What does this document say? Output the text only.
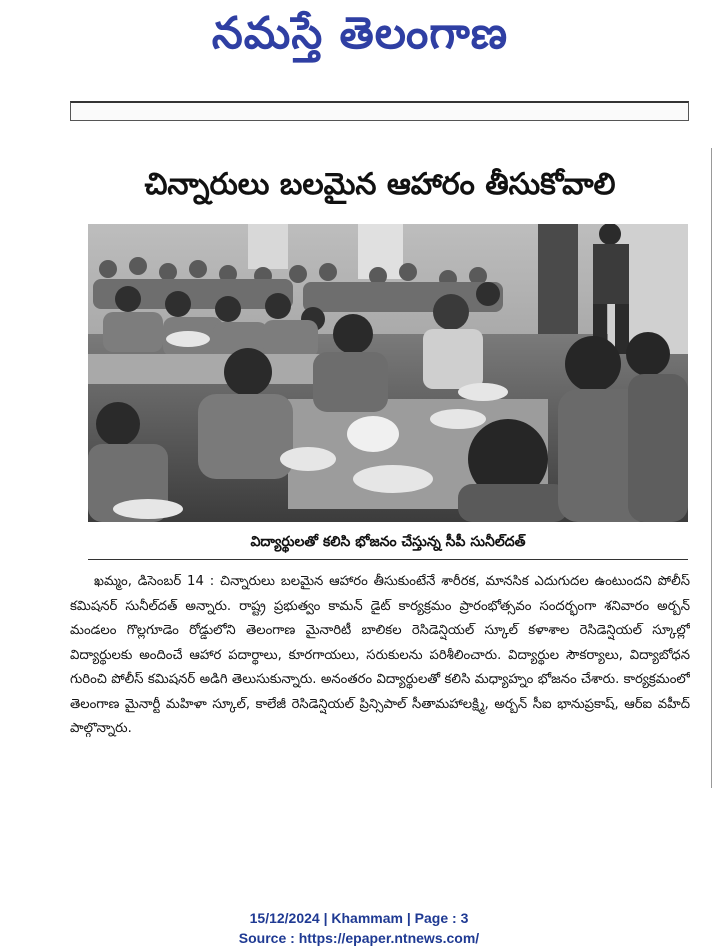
నమస్తే తెలంగాణ
చిన్నారులు బలమైన ఆహారం తీసుకోవాలి
విద్యార్థులతో కలిసి భోజనం చేస్తున్న సీపీ సునీల్‌దత్
ఖమ్మం, డిసెంబర్ 14 : చిన్నారులు బలమైన ఆహారం తీసుకుంటేనే శారీరక, మానసిక ఎదుగుదల ఉంటుందని పోలీస్ కమిషనర్ సునీల్‌దత్ అన్నారు. రాష్ట్ర ప్రభుత్వం కామన్ డైట్ కార్యక్రమం ప్రారంభోత్సవం సందర్భంగా శనివారం అర్బన్ మండలం గొల్లగూడెం రోడ్డులోని తెలంగాణ మైనారిటీ బాలికల రెసిడెన్షియల్ స్కూల్ కళాశాల రెసిడెన్షియల్ స్కూల్లో విద్యార్థులకు అందించే ఆహార పదార్థాలు, కూరగాయలు, సరుకులను పరిశీలించారు. విద్యార్థుల సౌకర్యాలు, విద్యాబోధన గురించి పోలీస్ కమిషనర్ అడిగి తెలుసుకున్నారు. అనంతరం విద్యార్థులతో కలిసి మధ్యాహ్నం భోజనం చేశారు. కార్యక్రమంలో తెలంగాణ మైనార్టీ మహిళా స్కూల్, కాలేజీ రెసిడెన్షియల్ ప్రిన్సిపాల్ సీతామహాలక్ష్మి, అర్బన్ సీఐ భానుప్రకాష్, ఆర్ఐ వహీద్ పాల్గొన్నారు.
15/12/2024 | Khammam | Page : 3
Source : https://epaper.ntnews.com/
